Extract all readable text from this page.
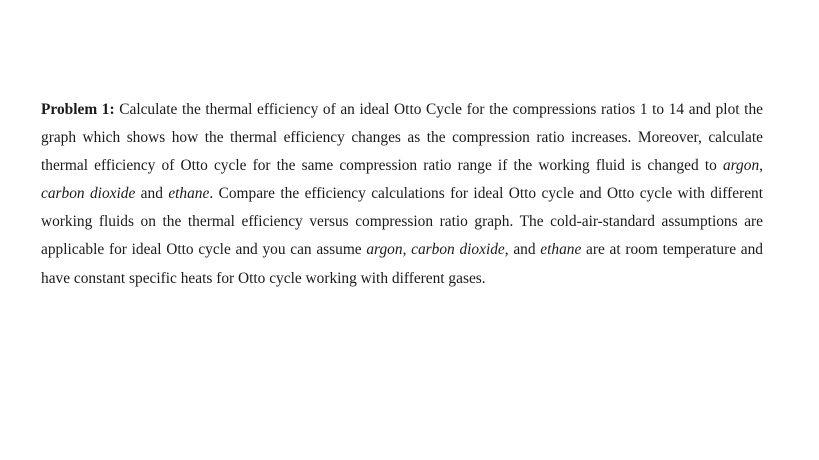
Problem 1: Calculate the thermal efficiency of an ideal Otto Cycle for the compressions ratios 1 to 14 and plot the graph which shows how the thermal efficiency changes as the compression ratio increases. Moreover, calculate thermal efficiency of Otto cycle for the same compression ratio range if the working fluid is changed to argon, carbon dioxide and ethane. Compare the efficiency calculations for ideal Otto cycle and Otto cycle with different working fluids on the thermal efficiency versus compression ratio graph. The cold-air-standard assumptions are applicable for ideal Otto cycle and you can assume argon, carbon dioxide, and ethane are at room temperature and have constant specific heats for Otto cycle working with different gases.
